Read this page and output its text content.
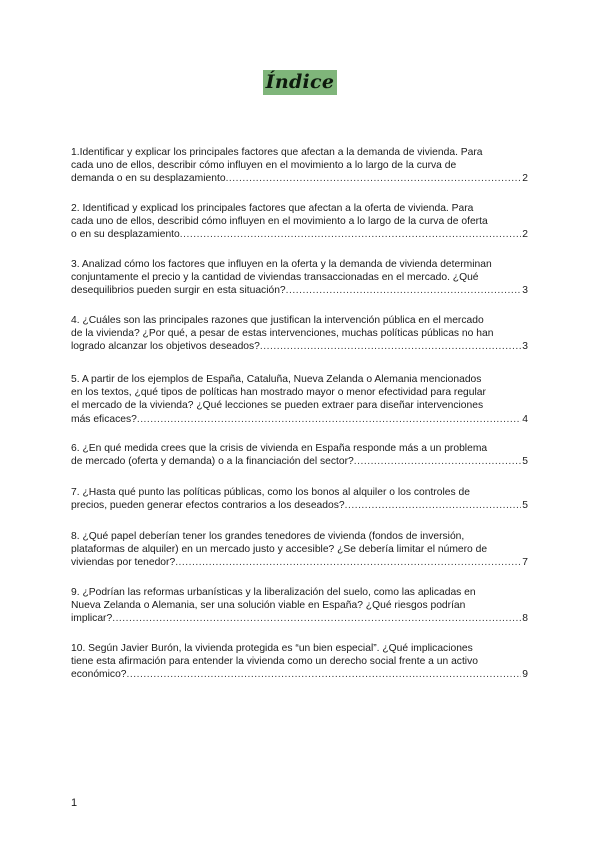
Índice
1.Identificar y explicar los principales factores que afectan a la demanda de vivienda. Para
cada uno de ellos, describir cómo influyen en el movimiento a lo largo de la curva de
demanda o en su desplazamiento .....	2
2. Identificad y explicad los principales factores que afectan a la oferta de vivienda. Para
cada uno de ellos, describid cómo influyen en el movimiento a lo largo de la curva de oferta
o en su desplazamiento .....	2
3. Analizad cómo los factores que influyen en la oferta y la demanda de vivienda determinan
conjuntamente el precio y la cantidad de viviendas transaccionadas en el mercado. ¿Qué
desequilibrios pueden surgir en esta situación? .....	3
4. ¿Cuáles son las principales razones que justifican la intervención pública en el mercado
de la vivienda? ¿Por qué, a pesar de estas intervenciones, muchas políticas públicas no han
logrado alcanzar los objetivos deseados? .....	3
5. A partir de los ejemplos de España, Cataluña, Nueva Zelanda o Alemania mencionados
en los textos, ¿qué tipos de políticas han mostrado mayor o menor efectividad para regular
el mercado de la vivienda? ¿Qué lecciones se pueden extraer para diseñar intervenciones
más eficaces? .....	4
6. ¿En qué medida crees que la crisis de vivienda en España responde más a un problema
de mercado (oferta y demanda) o a la financiación del sector? .....	5
7. ¿Hasta qué punto las políticas públicas, como los bonos al alquiler o los controles de
precios, pueden generar efectos contrarios a los deseados? .....	5
8. ¿Qué papel deberían tener los grandes tenedores de vivienda (fondos de inversión,
plataformas de alquiler) en un mercado justo y accesible? ¿Se debería limitar el número de
viviendas por tenedor? .....	7
9. ¿Podrían las reformas urbanísticas y la liberalización del suelo, como las aplicadas en
Nueva Zelanda o Alemania, ser una solución viable en España? ¿Qué riesgos podrían
implicar? .....	8
10. Según Javier Burón, la vivienda protegida es “un bien especial”. ¿Qué implicaciones
tiene esta afirmación para entender la vivienda como un derecho social frente a un activo
económico? .....	9
1
